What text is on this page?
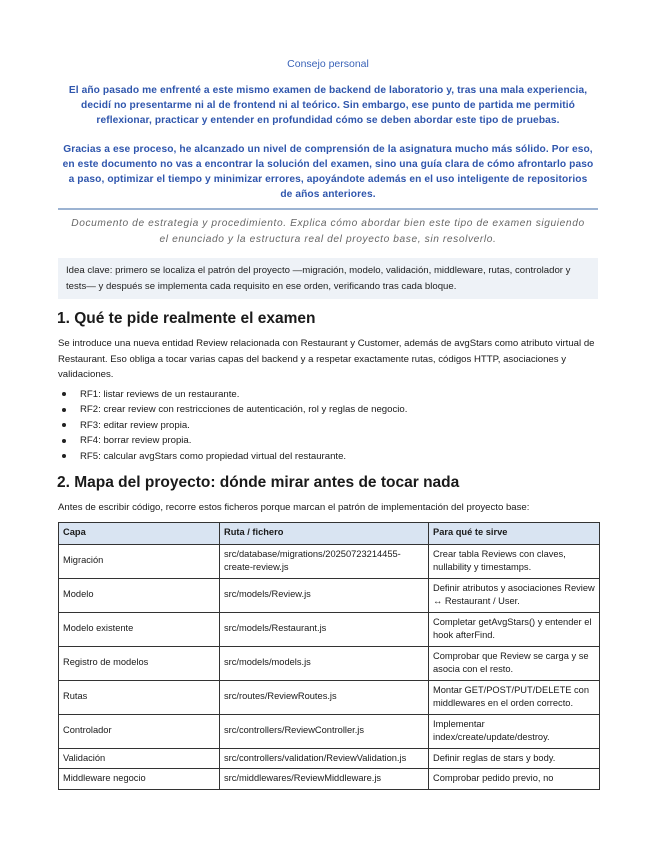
Consejo personal

El año pasado me enfrenté a este mismo examen de backend de laboratorio y, tras una mala experiencia, decidí no presentarme ni al de frontend ni al teórico. Sin embargo, ese punto de partida me permitió reflexionar, practicar y entender en profundidad cómo se deben abordar este tipo de pruebas.

Gracias a ese proceso, he alcanzado un nivel de comprensión de la asignatura mucho más sólido. Por eso, en este documento no vas a encontrar la solución del examen, sino una guía clara de cómo afrontarlo paso a paso, optimizar el tiempo y minimizar errores, apoyándote además en el uso inteligente de repositorios de años anteriores.

Documento de estrategia y procedimiento. Explica cómo abordar bien este tipo de examen siguiendo el enunciado y la estructura real del proyecto base, sin resolverlo.

Idea clave: primero se localiza el patrón del proyecto —migración, modelo, validación, middleware, rutas, controlador y tests— y después se implementa cada requisito en ese orden, verificando tras cada bloque.
1. Qué te pide realmente el examen

Se introduce una nueva entidad Review relacionada con Restaurant y Customer, además de avgStars como atributo virtual de Restaurant. Eso obliga a tocar varias capas del backend y a respetar exactamente rutas, códigos HTTP, asociaciones y validaciones.

RF1: listar reviews de un restaurante.
RF2: crear review con restricciones de autenticación, rol y reglas de negocio.
RF3: editar review propia.
RF4: borrar review propia.
RF5: calcular avgStars como propiedad virtual del restaurante.
2. Mapa del proyecto: dónde mirar antes de tocar nada

Antes de escribir código, recorre estos ficheros porque marcan el patrón de implementación del proyecto base:

Capa	Ruta / fichero	Para qué te sirve
Migración	src/database/migrations/20250723214455-create-review.js	Crear tabla Reviews con claves, nullability y timestamps.
Modelo	src/models/Review.js	Definir atributos y asociaciones Review ↔ Restaurant / User.
Modelo existente	src/models/Restaurant.js	Completar getAvgStars() y entender el hook afterFind.
Registro de modelos	src/models/models.js	Comprobar que Review se carga y se asocia con el resto.
Rutas	src/routes/ReviewRoutes.js	Montar GET/POST/PUT/DELETE con middlewares en el orden correcto.
Controlador	src/controllers/ReviewController.js	Implementar index/create/update/destroy.
Validación	src/controllers/validation/ReviewValidation.js	Definir reglas de stars y body.
Middleware negocio	src/middlewares/ReviewMiddleware.js	Comprobar pedido previo, no
